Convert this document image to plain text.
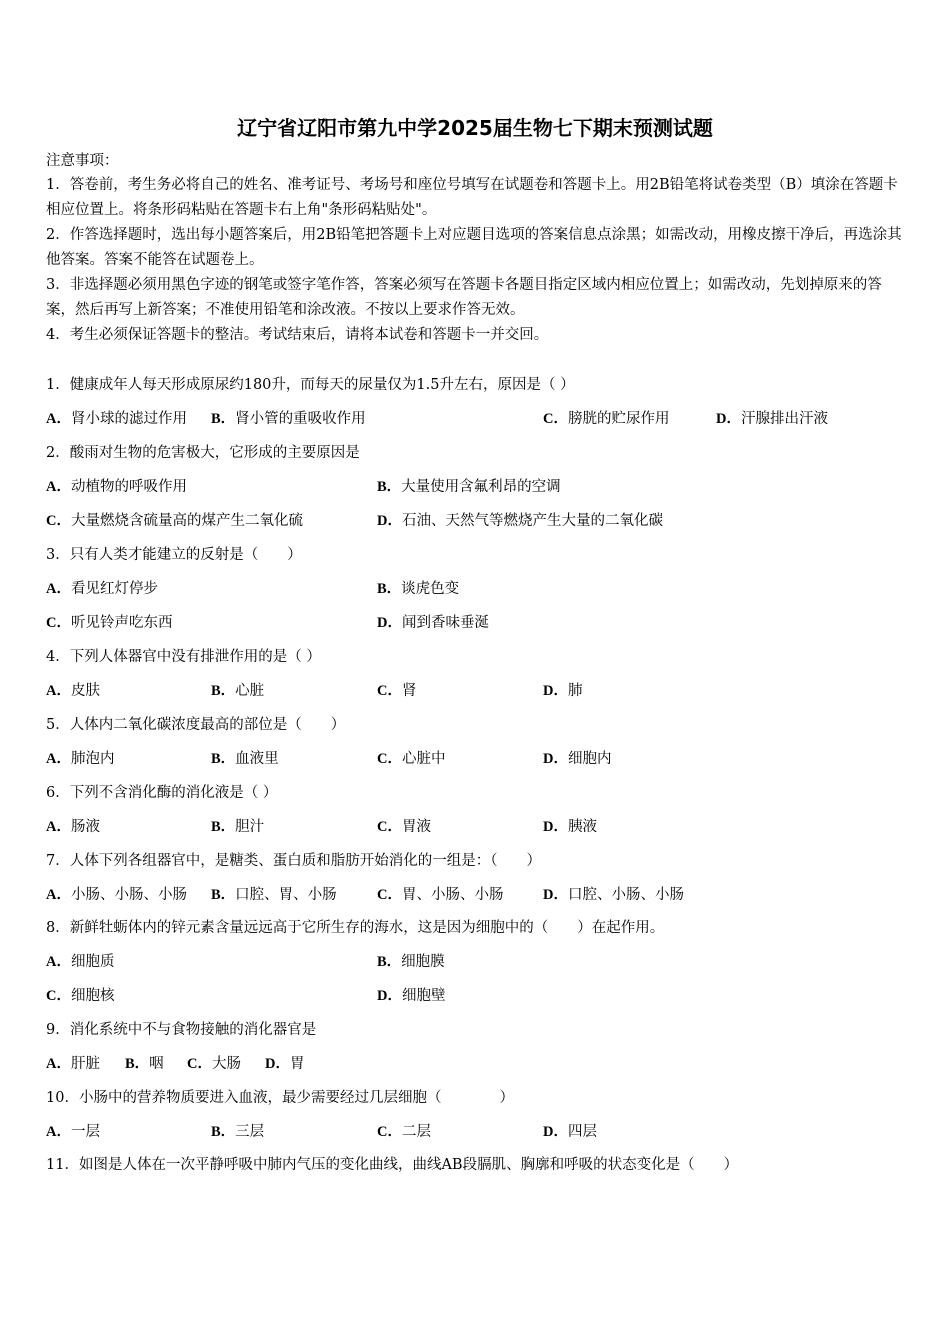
辽宁省辽阳市第九中学2025届生物七下期末预测试题
注意事项：
1．答卷前，考生务必将自己的姓名、准考证号、考场号和座位号填写在试题卷和答题卡上。用2B铅笔将试卷类型（B）填涂在答题卡相应位置上。将条形码粘贴在答题卡右上角"条形码粘贴处"。
2．作答选择题时，选出每小题答案后，用2B铅笔把答题卡上对应题目选项的答案信息点涂黑；如需改动，用橡皮擦干净后，再选涂其他答案。答案不能答在试题卷上。
3．非选择题必须用黑色字迹的钢笔或签字笔作答，答案必须写在答题卡各题目指定区域内相应位置上；如需改动，先划掉原来的答案，然后再写上新答案；不准使用铅笔和涂改液。不按以上要求作答无效。
4．考生必须保证答题卡的整洁。考试结束后，请将本试卷和答题卡一并交回。
1．健康成年人每天形成原尿约180升，而每天的尿量仅为1.5升左右，原因是（ ）
A．肾小球的滤过作用 B．肾小管的重吸收作用	C．膀胱的贮尿作用	D．汗腺排出汗液
2．酸雨对生物的危害极大，它形成的主要原因是
A．动植物的呼吸作用	B．大量使用含氟利昂的空调
C．大量燃烧含硫量高的煤产生二氧化硫	D．石油、天然气等燃烧产生大量的二氧化碳
3．只有人类才能建立的反射是（　　）
A．看见红灯停步	B．谈虎色变
C．听见铃声吃东西	D．闻到香味垂涎
4．下列人体器官中没有排泄作用的是（ ）
A．皮肤	B．心脏	C．肾	D．肺
5．人体内二氧化碳浓度最高的部位是（　　）
A．肺泡内	B．血液里	C．心脏中	D．细胞内
6．下列不含消化酶的消化液是（ ）
A．肠液	B．胆汁	C．胃液	D．胰液
7．人体下列各组器官中，是糖类、蛋白质和脂肪开始消化的一组是：（　　）
A．小肠、小肠、小肠 B．口腔、胃、小肠	C．胃、小肠、小肠	D．口腔、小肠、小肠
8．新鲜牡蛎体内的锌元素含量远远高于它所生存的海水，这是因为细胞中的（　　）在起作用。
A．细胞质	B．细胞膜
C．细胞核	D．细胞壁
9．消化系统中不与食物接触的消化器官是
A．肝脏 B．咽 C．大肠 D．胃
10．小肠中的营养物质要进入血液，最少需要经过几层细胞（　　　　）
A．一层	B．三层	C．二层	D．四层
11．如图是人体在一次平静呼吸中肺内气压的变化曲线，曲线AB段膈肌、胸廓和呼吸的状态变化是（　　）
